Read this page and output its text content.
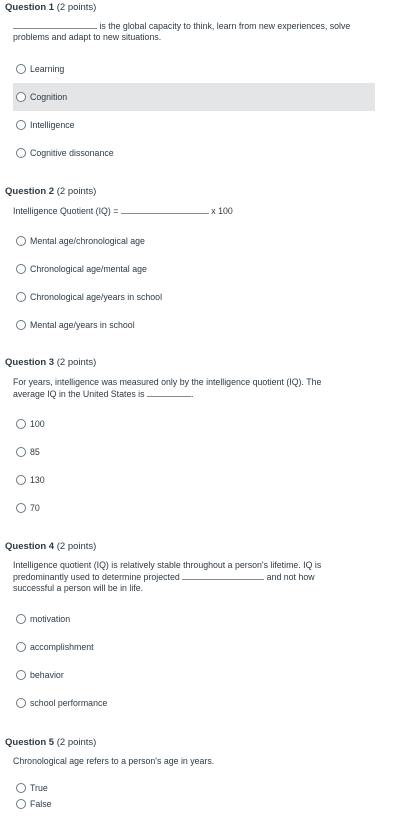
Question 1 (2 points)
is the global capacity to think, learn from new experiences, solve
problems and adapt to new situations.
Learning
Cognition
Intelligence
Cognitive dissonance
Question 2 (2 points)
Intelligence Quotient (IQ) =	x 100
Mental age/chronological age
Chronological age/mental age
Chronological age/years in school
Mental age/years in school
Question 3 (2 points)
For years, intelligence was measured only by the intelligence quotient (IQ). The
average IQ in the United States is	.
100
85
130
70
Question 4 (2 points)
Intelligence quotient (IQ) is relatively stable throughout a person's lifetime. IQ is
predominantly used to determine projected	and not how
successful a person will be in life.
motivation
accomplishment
behavior
school performance
Question 5 (2 points)
Chronological age refers to a person's age in years.
True
False
